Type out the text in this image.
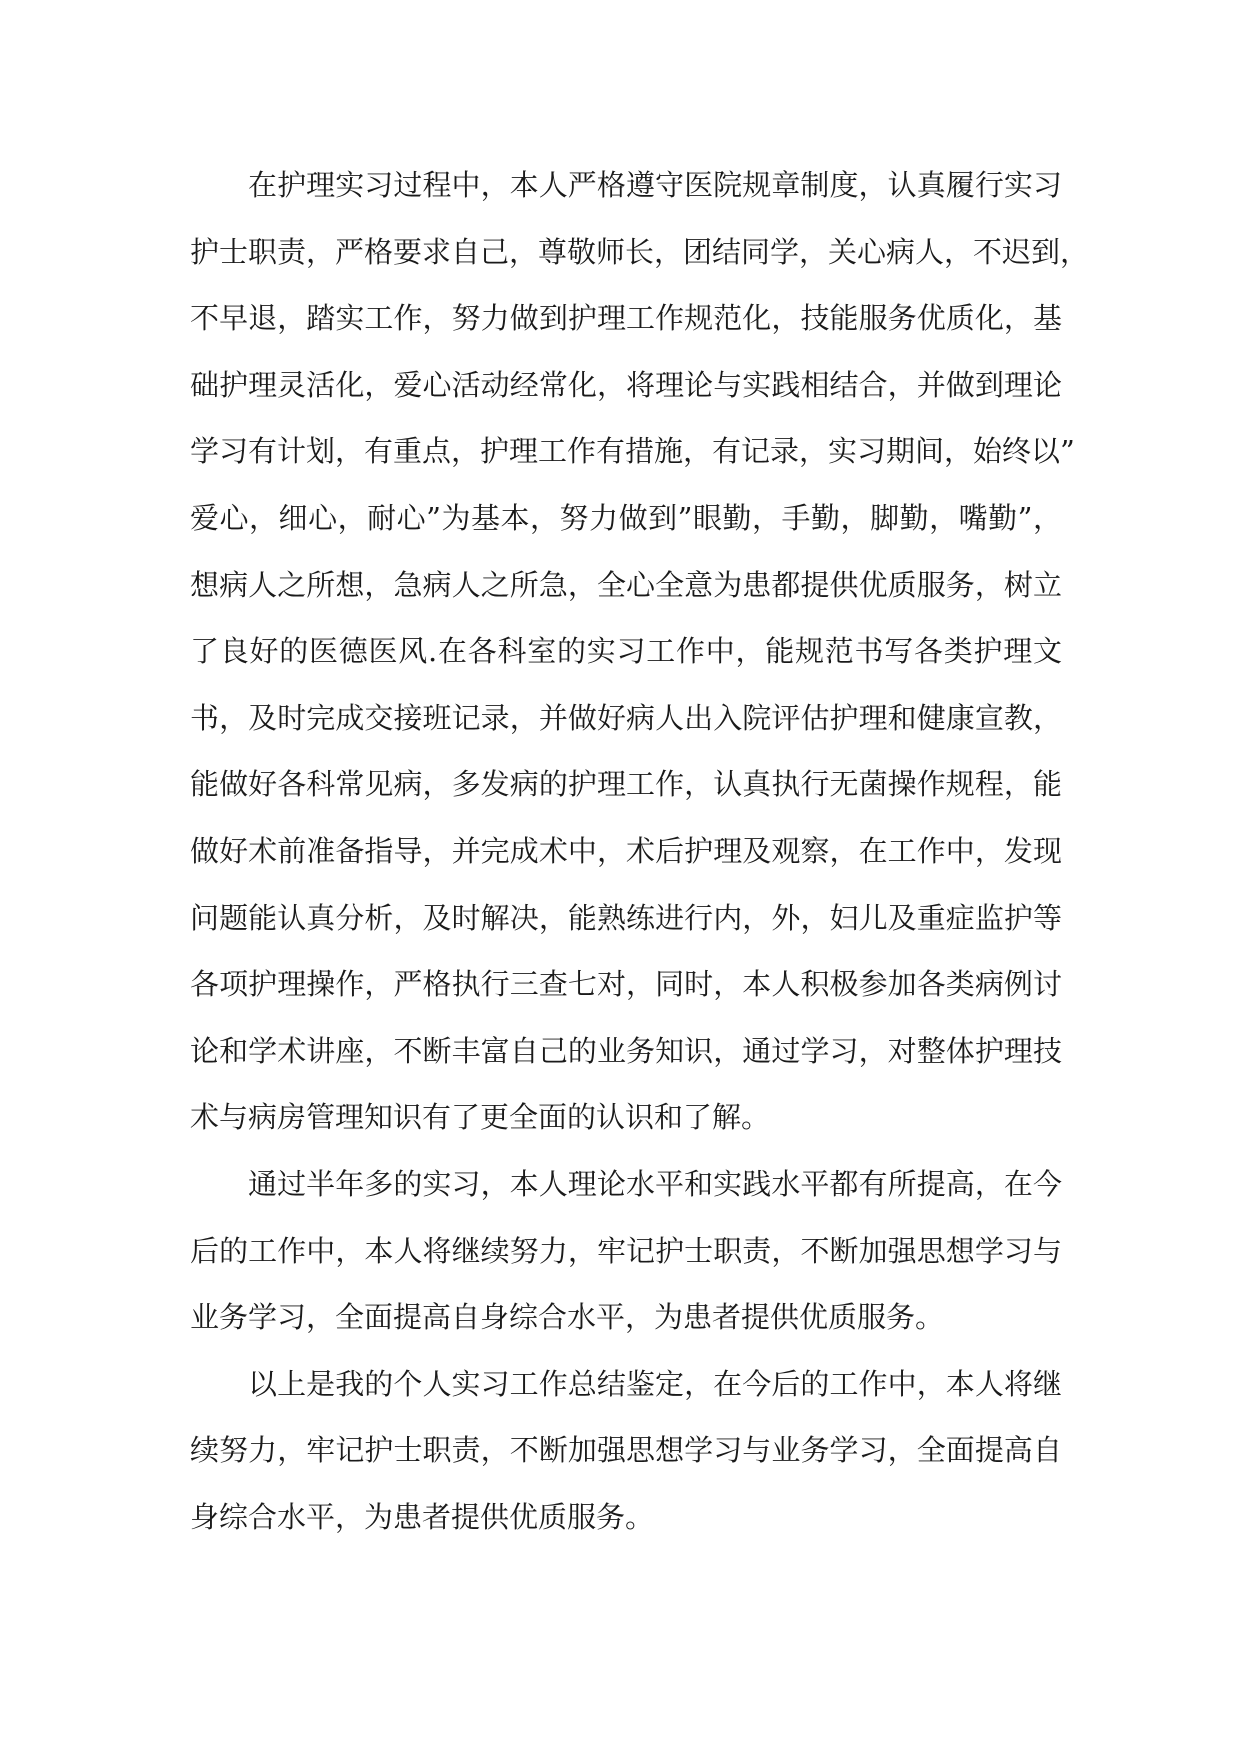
在护理实习过程中，本人严格遵守医院规章制度，认真履行实习
护士职责，严格要求自己，尊敬师长，团结同学，关心病人，不迟到，
不早退，踏实工作，努力做到护理工作规范化，技能服务优质化，基
础护理灵活化，爱心活动经常化，将理论与实践相结合，并做到理论
学习有计划，有重点，护理工作有措施，有记录，实习期间，始终以”
爱心，细心，耐心”为基本，努力做到”眼勤，手勤，脚勤，嘴勤”，
想病人之所想，急病人之所急，全心全意为患都提供优质服务，树立
了良好的医德医风.在各科室的实习工作中，能规范书写各类护理文
书，及时完成交接班记录，并做好病人出入院评估护理和健康宣教，
能做好各科常见病，多发病的护理工作，认真执行无菌操作规程，能
做好术前准备指导，并完成术中，术后护理及观察，在工作中，发现
问题能认真分析，及时解决，能熟练进行内，外，妇儿及重症监护等
各项护理操作，严格执行三查七对，同时，本人积极参加各类病例讨
论和学术讲座，不断丰富自己的业务知识，通过学习，对整体护理技
术与病房管理知识有了更全面的认识和了解。
通过半年多的实习，本人理论水平和实践水平都有所提高，在今
后的工作中，本人将继续努力，牢记护士职责，不断加强思想学习与
业务学习，全面提高自身综合水平，为患者提供优质服务。
以上是我的个人实习工作总结鉴定，在今后的工作中，本人将继
续努力，牢记护士职责，不断加强思想学习与业务学习，全面提高自
身综合水平，为患者提供优质服务。
